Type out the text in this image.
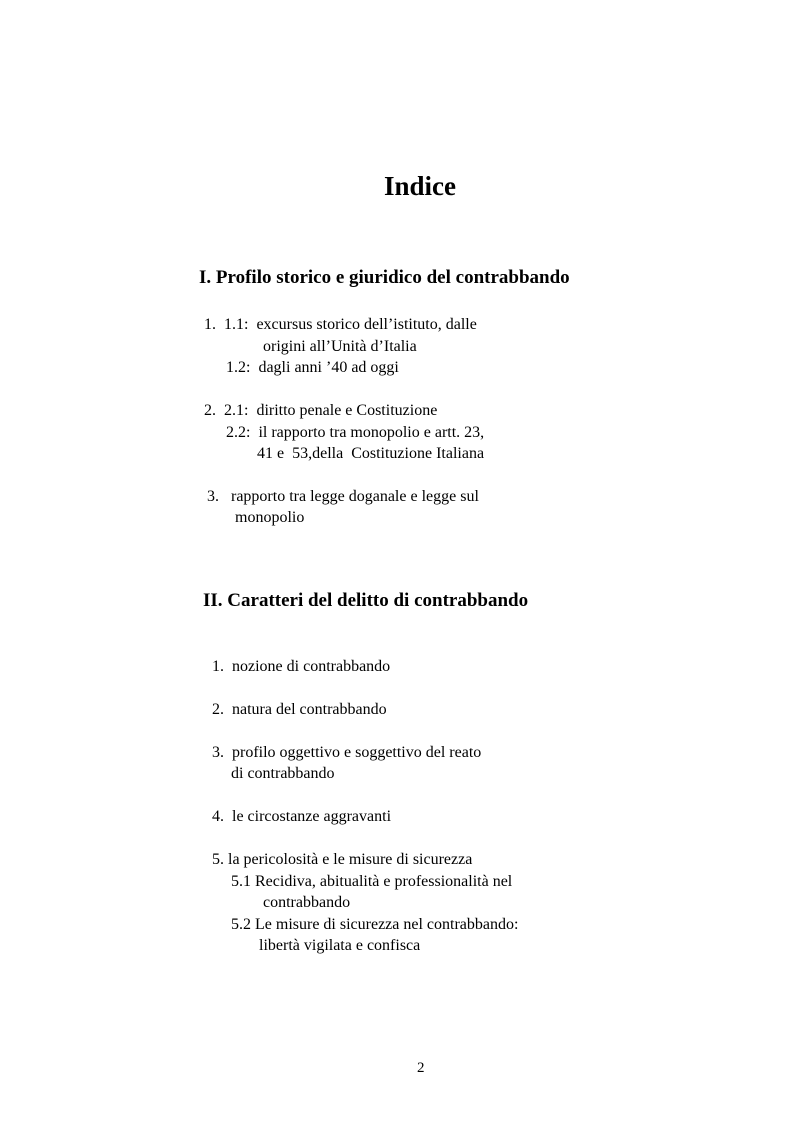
Indice
I. Profilo storico e giuridico del contrabbando
1.  1.1:  excursus storico dell’istituto, dalle
origini all’Unità d’Italia
1.2:  dagli anni ’40 ad oggi
2.  2.1:  diritto penale e Costituzione
2.2:  il rapporto tra monopolio e artt. 23,
41 e  53,della  Costituzione Italiana
3.   rapporto tra legge doganale e legge sul
monopolio
II. Caratteri del delitto di contrabbando
1.  nozione di contrabbando
2.  natura del contrabbando
3.  profilo oggettivo e soggettivo del reato
di contrabbando
4.  le circostanze aggravanti
5. la pericolosità e le misure di sicurezza
5.1 Recidiva, abitualità e professionalità nel
contrabbando
5.2 Le misure di sicurezza nel contrabbando:
libertà vigilata e confisca
2
